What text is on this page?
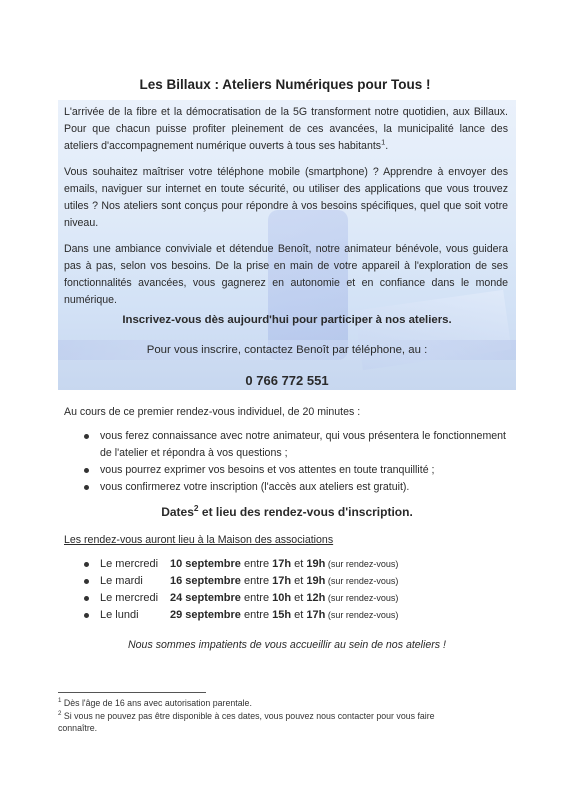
Les Billaux : Ateliers Numériques pour Tous !

L'arrivée de la fibre et la démocratisation de la 5G transforment notre quotidien, aux Billaux. Pour que chacun puisse profiter pleinement de ces avancées, la municipalité lance des ateliers d'accompagnement numérique ouverts à tous ses habitants$^1$.

Vous souhaitez maîtriser votre téléphone mobile (smartphone) ? Apprendre à envoyer des emails, naviguer sur internet en toute sécurité, ou utiliser des applications que vous trouvez utiles ? Nos ateliers sont conçus pour répondre à vos besoins spécifiques, quel que soit votre niveau.

Dans une ambiance conviviale et détendue Benoît, notre animateur bénévole, vous guidera pas à pas, selon vos besoins. De la prise en main de votre appareil à l'exploration de ses fonctionnalités avancées, vous gagnerez en autonomie et en confiance dans le monde numérique.

Inscrivez-vous dès aujourd'hui pour participer à nos ateliers.

Pour vous inscrire, contactez Benoît par téléphone, au :

0 766 772 551

Au cours de ce premier rendez-vous individuel, de 20 minutes :

vous ferez connaissance avec notre animateur, qui vous présentera le fonctionnement de l'atelier et répondra à vos questions ;
vous pourrez exprimer vos besoins et vos attentes en toute tranquillité ;
vous confirmerez votre inscription (l'accès aux ateliers est gratuit).

Dates$^2$ et lieu des rendez-vous d'inscription.

Les rendez-vous auront lieu à la Maison des associations

Le mercredi 10 septembre entre 17h et 19h (sur rendez-vous)
Le mardi 16 septembre entre 17h et 19h (sur rendez-vous)
Le mercredi 24 septembre entre 10h et 12h (sur rendez-vous)
Le lundi	29 septembre entre 15h et 17h (sur rendez-vous)

Nous sommes impatients de vous accueillir au sein de nos ateliers !

$^1$ Dès l'âge de 16 ans avec autorisation parentale.

$^2$ Si vous ne pouvez pas être disponible à ces dates, vous pouvez nous contacter pour vous faire connaître.
